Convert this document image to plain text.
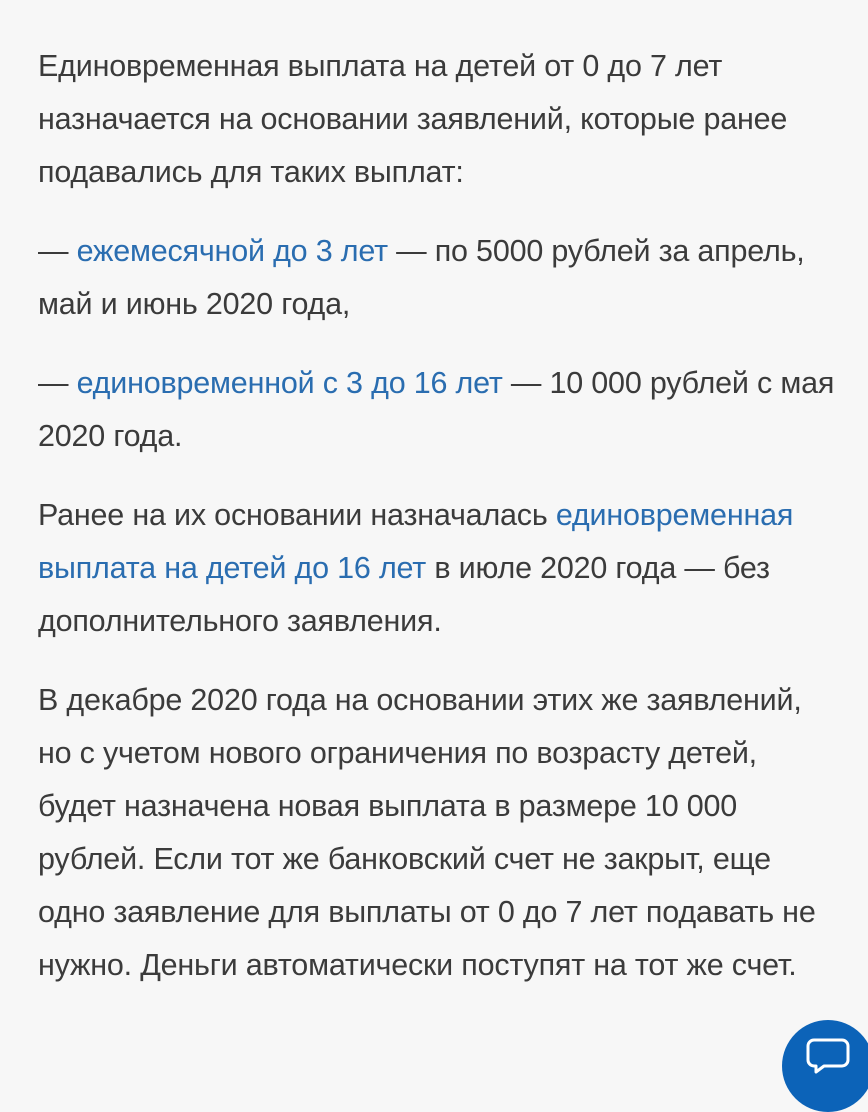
Единовременная выплата на детей от 0 до 7 лет назначается на основании заявлений, которые ранее подавались для таких выплат:

— ежемесячной до 3 лет — по 5000 рублей за апрель, май и июнь 2020 года,

— единовременной с 3 до 16 лет — 10 000 рублей с мая 2020 года.

Ранее на их основании назначалась единовременная выплата на детей до 16 лет в июле 2020 года — без дополнительного заявления.

В декабре 2020 года на основании этих же заявлений, но с учетом нового ограничения по возрасту детей, будет назначена новая выплата в размере 10 000 рублей. Если тот же банковский счет не закрыт, еще одно заявление для выплаты от 0 до 7 лет подавать не нужно. Деньги автоматически поступят на тот же счет.
